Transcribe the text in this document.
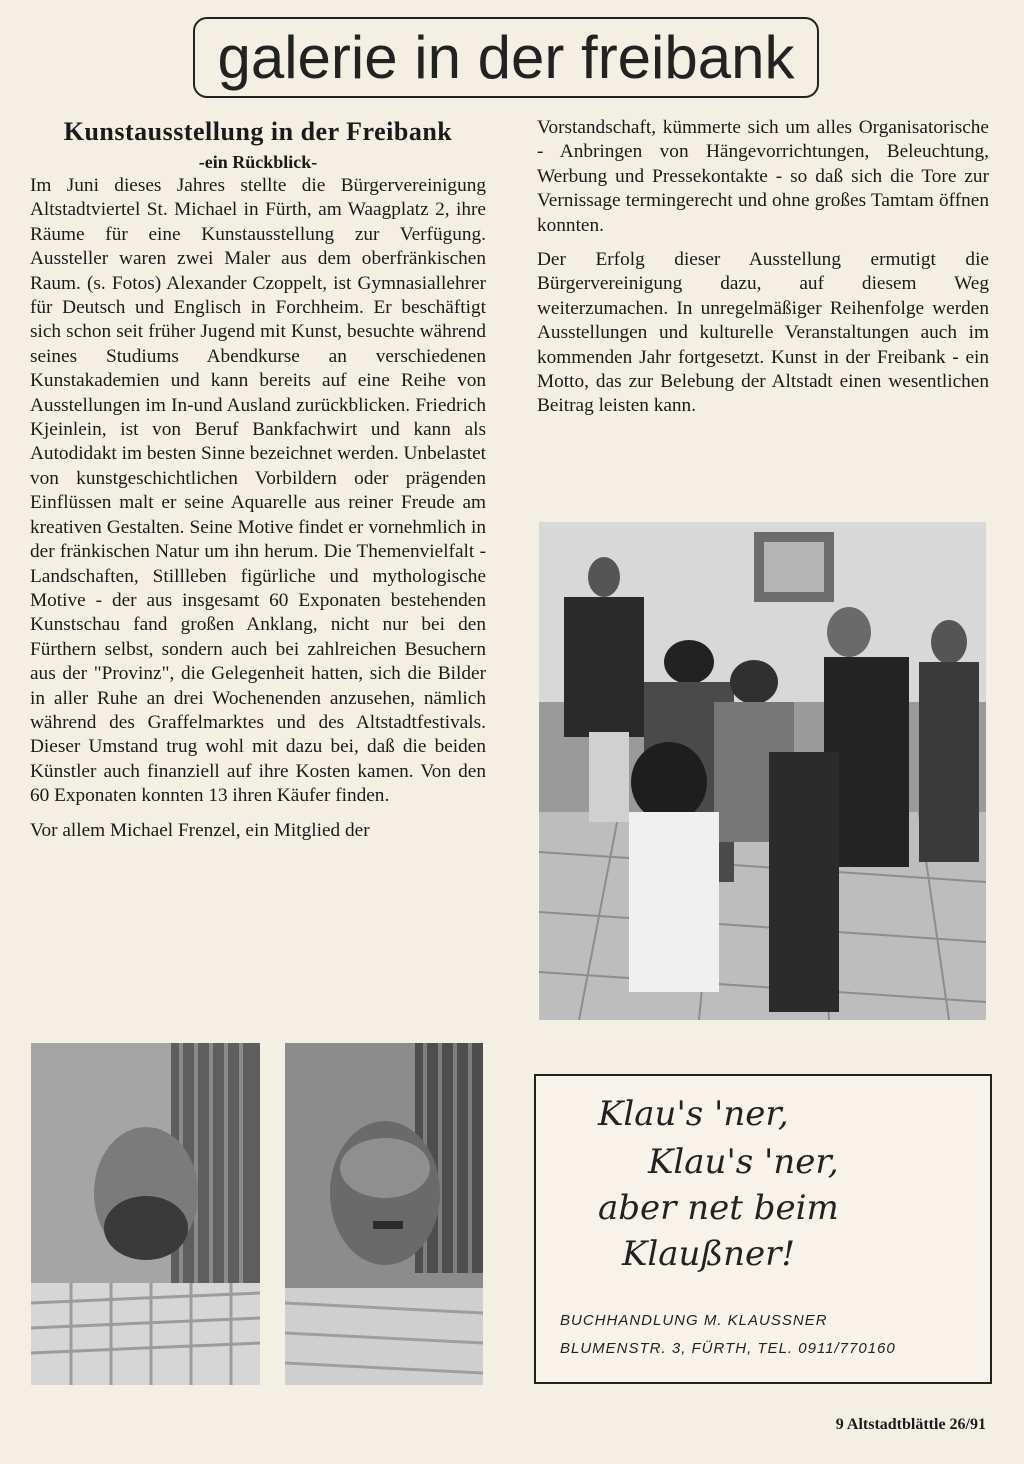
galerie in der freibank
Kunstausstellung in der Freibank
-ein Rückblick-

Im Juni dieses Jahres stellte die Bürgervereinigung Altstadtviertel St. Michael in Fürth, am Waagplatz 2, ihre Räume für eine Kunstausstellung zur Verfügung. Aussteller waren zwei Maler aus dem oberfränkischen Raum. (s. Fotos) Alexander Czoppelt, ist Gymnasiallehrer für Deutsch und Englisch in Forchheim. Er beschäftigt sich schon seit früher Jugend mit Kunst, besuchte während seines Studiums Abendkurse an verschiedenen Kunstakademien und kann bereits auf eine Reihe von Ausstellungen im In-und Ausland zurückblicken. Friedrich Kjeinlein, ist von Beruf Bankfachwirt und kann als Autodidakt im besten Sinne bezeichnet werden. Unbelastet von kunstgeschichtlichen Vorbildern oder prägenden Einflüssen malt er seine Aquarelle aus reiner Freude am kreativen Gestalten. Seine Motive findet er vornehmlich in der fränkischen Natur um ihn herum. Die Themenvielfalt - Landschaften, Stillleben figürliche und mythologische Motive - der aus insgesamt 60 Exponaten bestehenden Kunstschau fand großen Anklang, nicht nur bei den Fürthern selbst, sondern auch bei zahlreichen Besuchern aus der "Provinz", die Gelegenheit hatten, sich die Bilder in aller Ruhe an drei Wochenenden anzusehen, nämlich während des Graffelmarktes und des Altstadtfestivals. Dieser Umstand trug wohl mit dazu bei, daß die beiden Künstler auch finanziell auf ihre Kosten kamen. Von den 60 Exponaten konnten 13 ihren Käufer finden.

Vor allem Michael Frenzel, ein Mitglied der

Vorstandschaft, kümmerte sich um alles Organisatorische - Anbringen von Hängevorrichtungen, Beleuchtung, Werbung und Pressekontakte - so daß sich die Tore zur Vernissage termingerecht und ohne großes Tamtam öffnen konnten.

Der Erfolg dieser Ausstellung ermutigt die Bürgervereinigung dazu, auf diesem Weg weiterzumachen. In unregelmäßiger Reihenfolge werden Ausstellungen und kulturelle Veranstaltungen auch im kommenden Jahr fortgesetzt. Kunst in der Freibank - ein Motto, das zur Belebung der Altstadt einen wesentlichen Beitrag leisten kann.

Klau's 'ner,
Klau's 'ner,
aber net beim
Klaußner!
BUCHHANDLUNG M. KLAUSSNER
BLUMENSTR. 3, FÜRTH, TEL. 0911/770160
9 Altstadtblättle 26/91
